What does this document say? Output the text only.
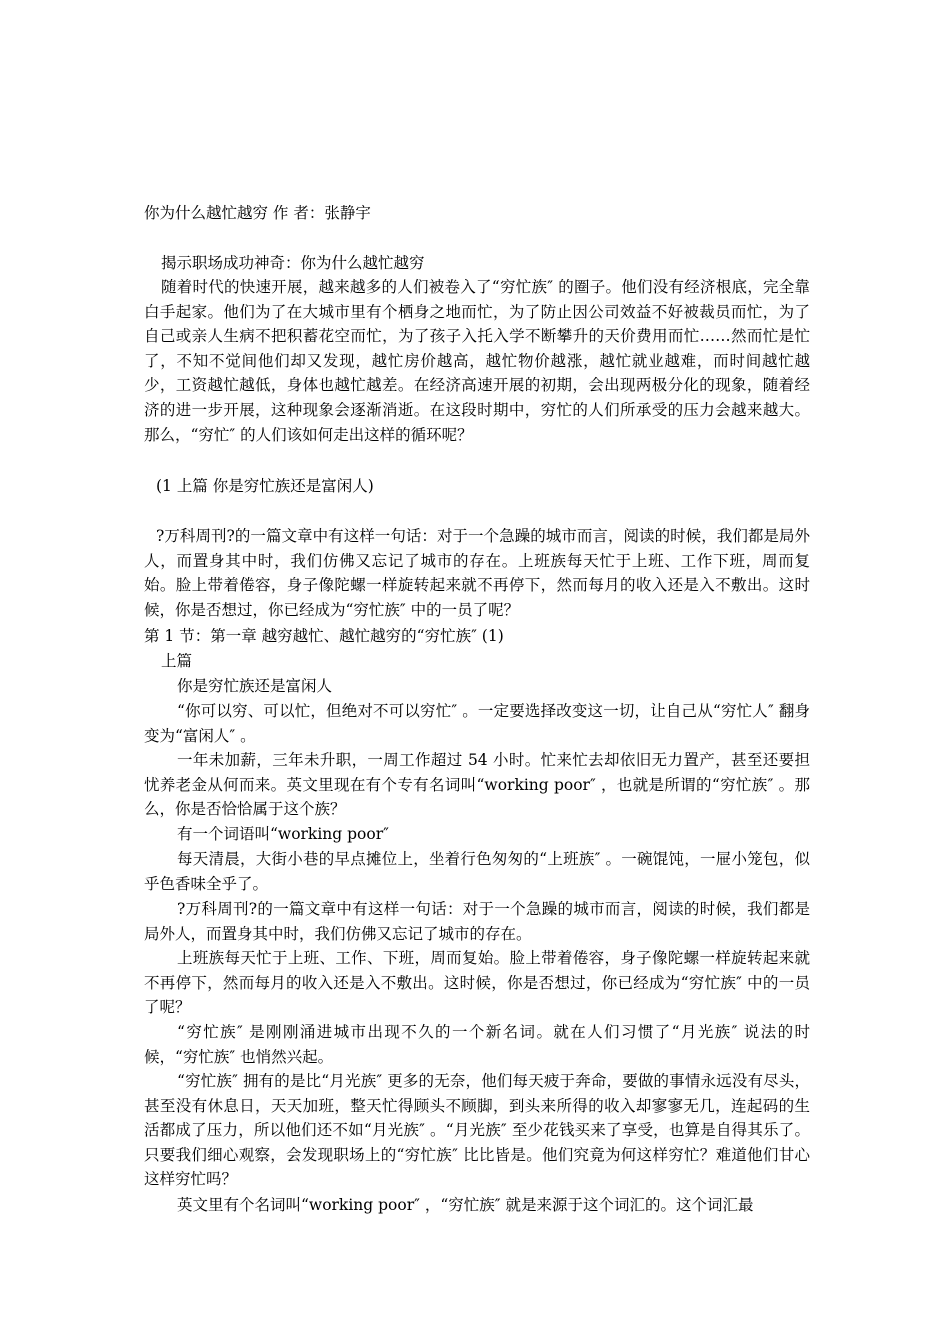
你为什么越忙越穷 作 者：张静宇
揭示职场成功神奇：你为什么越忙越穷
随着时代的快速开展，越来越多的人们被卷入了“穷忙族″ 的圈子。他们没有经济根底，完全靠白手起家。他们为了在大城市里有个栖身之地而忙，为了防止因公司效益不好被裁员而忙，为了自己或亲人生病不把积蓄花空而忙，为了孩子入托入学不断攀升的天价费用而忙……然而忙是忙了，不知不觉间他们却又发现，越忙房价越高，越忙物价越涨，越忙就业越难，而时间越忙越少，工资越忙越低，身体也越忙越差。在经济高速开展的初期，会出现两极分化的现象，随着经济的进一步开展，这种现象会逐渐消逝。在这段时期中，穷忙的人们所承受的压力会越来越大。那么，“穷忙″ 的人们该如何走出这样的循环呢？
(1 上篇 你是穷忙族还是富闲人)
?万科周刊?的一篇文章中有这样一句话：对于一个急躁的城市而言，阅读的时候，我们都是局外人，而置身其中时，我们仿佛又忘记了城市的存在。上班族每天忙于上班、工作下班，周而复始。脸上带着倦容，身子像陀螺一样旋转起来就不再停下，然而每月的收入还是入不敷出。这时候，你是否想过，你已经成为“穷忙族″ 中的一员了呢？
第 1 节：第一章 越穷越忙、越忙越穷的“穷忙族″ (1)
上篇
你是穷忙族还是富闲人
“你可以穷、可以忙，但绝对不可以穷忙″ 。一定要选择改变这一切，让自己从“穷忙人″ 翻身变为“富闲人″ 。
一年未加薪，三年未升职，一周工作超过 54 小时。忙来忙去却依旧无力置产，甚至还要担忧养老金从何而来。英文里现在有个专有名词叫“working poor″ ，也就是所谓的“穷忙族″ 。那么，你是否恰恰属于这个族？
有一个词语叫“working poor″
每天清晨，大街小巷的早点摊位上，坐着行色匆匆的“上班族″ 。一碗馄饨，一屉小笼包，似乎色香味全乎了。
?万科周刊?的一篇文章中有这样一句话：对于一个急躁的城市而言，阅读的时候，我们都是局外人，而置身其中时，我们仿佛又忘记了城市的存在。
上班族每天忙于上班、工作、下班，周而复始。脸上带着倦容，身子像陀螺一样旋转起来就不再停下，然而每月的收入还是入不敷出。这时候，你是否想过，你已经成为“穷忙族″ 中的一员了呢？
“穷忙族″ 是刚刚涌进城市出现不久的一个新名词。就在人们习惯了“月光族″ 说法的时候，“穷忙族″ 也悄然兴起。
“穷忙族″ 拥有的是比“月光族″ 更多的无奈，他们每天疲于奔命，要做的事情永远没有尽头，甚至没有休息日，天天加班，整天忙得顾头不顾脚，到头来所得的收入却寥寥无几，连起码的生活都成了压力，所以他们还不如“月光族″ 。“月光族″ 至少花钱买来了享受，也算是自得其乐了。只要我们细心观察，会发现职场上的“穷忙族″ 比比皆是。他们究竟为何这样穷忙？难道他们甘心这样穷忙吗？
英文里有个名词叫“working poor″ ，“穷忙族″ 就是来源于这个词汇的。这个词汇最
